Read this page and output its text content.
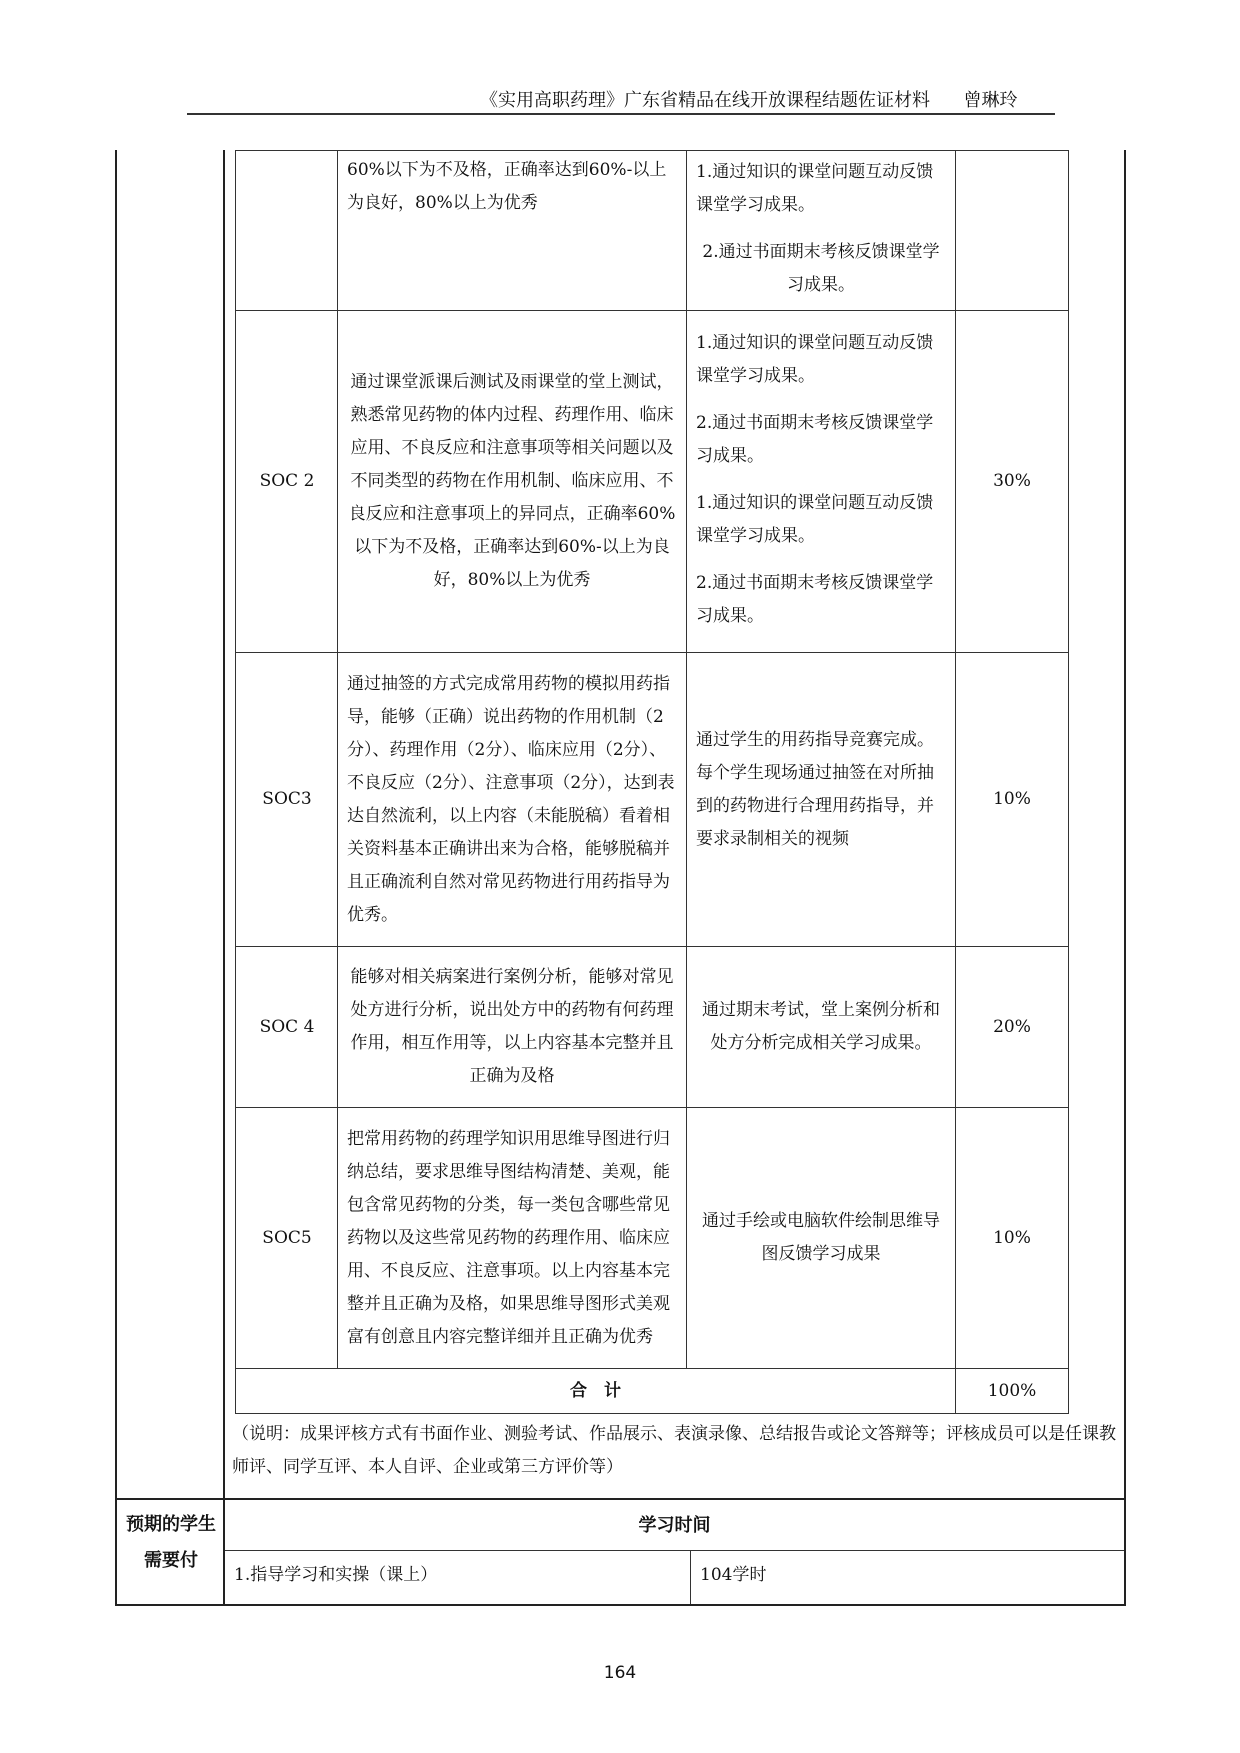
《实用高职药理》广东省精品在线开放课程结题佐证材料 曾琳玲

60%以下为不及格，正确率达到60%-以上为良好，80%以上为优秀

1.通过知识的课堂问题互动反馈课堂学习成果。

2.通过书面期末考核反馈课堂学习成果。

SOC 2

通过课堂派课后测试及雨课堂的堂上测试，熟悉常见药物的体内过程、药理作用、临床应用、不良反应和注意事项等相关问题以及不同类型的药物在作用机制、临床应用、不良反应和注意事项上的异同点，正确率60%以下为不及格，正确率达到60%-以上为良好，80%以上为优秀

1.通过知识的课堂问题互动反馈课堂学习成果。

2.通过书面期末考核反馈课堂学习成果。

1.通过知识的课堂问题互动反馈课堂学习成果。

2.通过书面期末考核反馈课堂学习成果。

30%
SOC3

通过抽签的方式完成常用药物的模拟用药指导，能够（正确）说出药物的作用机制（2分）、药理作用（2分）、临床应用（2分）、不良反应（2分）、注意事项（2分），达到表达自然流利，以上内容（未能脱稿）看着相关资料基本正确讲出来为合格，能够脱稿并且正确流利自然对常见药物进行用药指导为优秀。

通过学生的用药指导竞赛完成。每个学生现场通过抽签在对所抽到的药物进行合理用药指导，并要求录制相关的视频

10%
SOC 4

能够对相关病案进行案例分析，能够对常见处方进行分析，说出处方中的药物有何药理作用，相互作用等，以上内容基本完整并且正确为及格

通过期末考试，堂上案例分析和处方分析完成相关学习成果。

20%
SOC5

把常用药物的药理学知识用思维导图进行归纳总结，要求思维导图结构清楚、美观，能包含常见药物的分类，每一类包含哪些常见药物以及这些常见药物的药理作用、临床应用、不良反应、注意事项。以上内容基本完整并且正确为及格，如果思维导图形式美观富有创意且内容完整详细并且正确为优秀

通过手绘或电脑软件绘制思维导图反馈学习成果

10%
合　计	100%

（说明：成果评核方式有书面作业、测验考试、作品展示、表演录像、总结报告或论文答辩等；评核成员可以是任课教师评、同学互评、本人自评、企业或第三方评价等）

预期的学生需要付
学习时间
1.指导学习和实操（课上）	104学时
164
